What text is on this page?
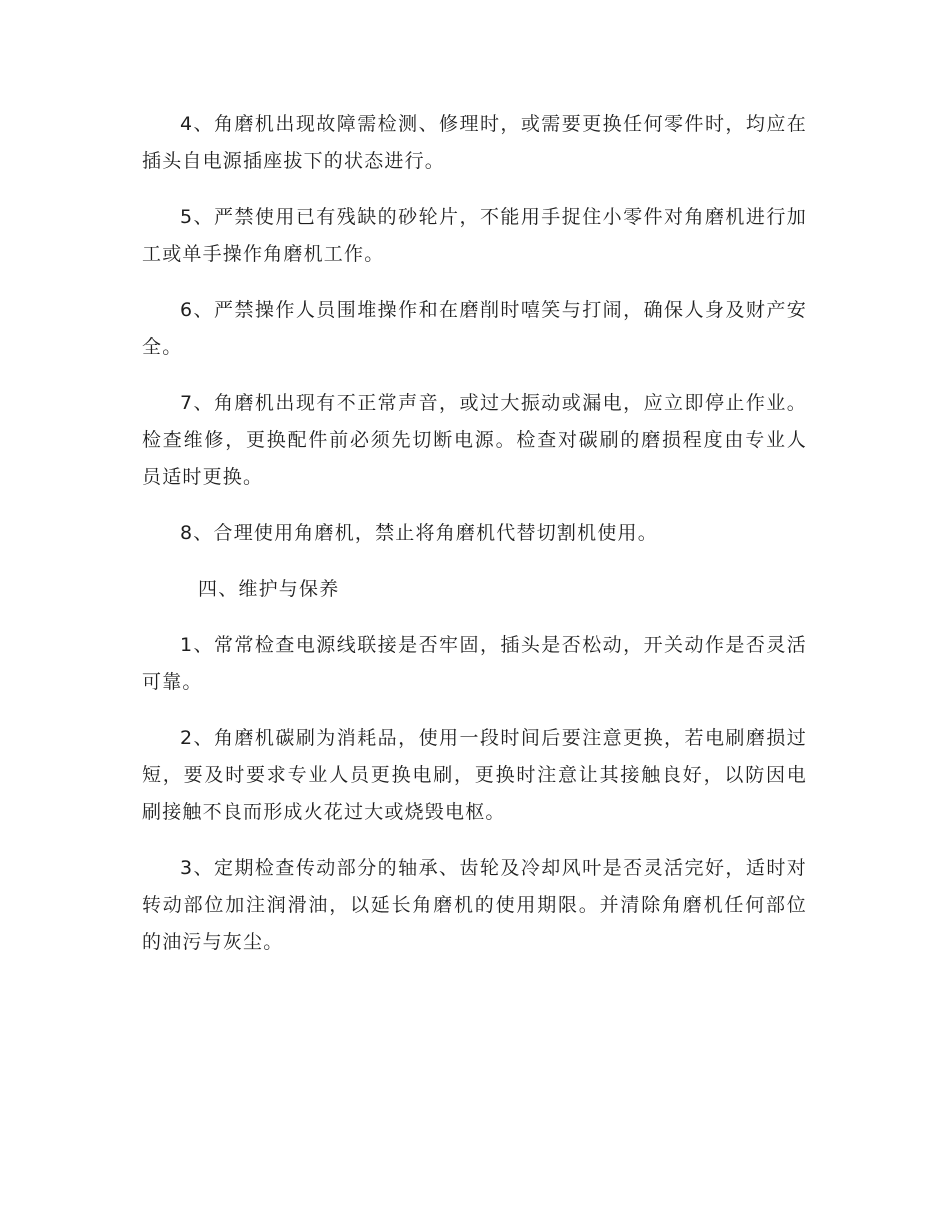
4、角磨机出现故障需检测、修理时，或需要更换任何零件时，均应在插头自电源插座拔下的状态进行。

5、严禁使用已有残缺的砂轮片，不能用手捉住小零件对角磨机进行加工或单手操作角磨机工作。

6、严禁操作人员围堆操作和在磨削时嘻笑与打闹，确保人身及财产安全。

7、角磨机出现有不正常声音，或过大振动或漏电，应立即停止作业。检查维修，更换配件前必须先切断电源。检查对碳刷的磨损程度由专业人员适时更换。

8、合理使用角磨机，禁止将角磨机代替切割机使用。

四、维护与保养

1、常常检查电源线联接是否牢固，插头是否松动，开关动作是否灵活可靠。

2、角磨机碳刷为消耗品，使用一段时间后要注意更换，若电刷磨损过短，要及时要求专业人员更换电刷，更换时注意让其接触良好，以防因电刷接触不良而形成火花过大或烧毁电枢。

3、定期检查传动部分的轴承、齿轮及冷却风叶是否灵活完好，适时对转动部位加注润滑油，以延长角磨机的使用期限。并清除角磨机任何部位的油污与灰尘。
